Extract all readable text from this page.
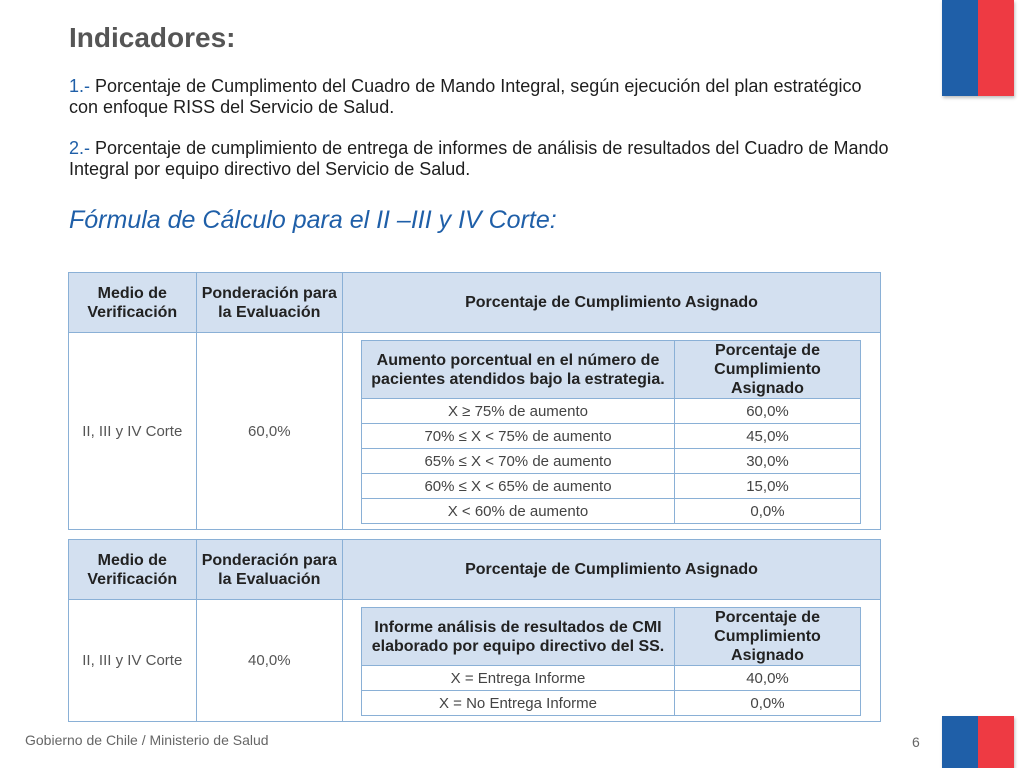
Indicadores:

1.- Porcentaje de Cumplimento del Cuadro de Mando Integral, según ejecución del plan estratégico con enfoque RISS del Servicio de Salud.

2.- Porcentaje de cumplimiento de entrega de informes de análisis de resultados del Cuadro de Mando Integral por equipo directivo del Servicio de Salud.

Fórmula de Cálculo para el II –III y IV Corte:

Medio de Verificación	Ponderación para la Evaluación	Porcentaje de Cumplimiento Asignado
II, III y IV Corte	60,0%	
Aumento porcentual en el número de pacientes atendidos bajo la estrategia.	Porcentaje de Cumplimiento Asignado
X ≥ 75% de aumento	60,0%
70% ≤ X < 75% de aumento	45,0%
65% ≤ X < 70% de aumento	30,0%
60% ≤ X < 65% de aumento	15,0%
X < 60% de aumento	0,0%
Medio de Verificación	Ponderación para la Evaluación	Porcentaje de Cumplimiento Asignado
II, III y IV Corte	40,0%	
Informe análisis de resultados de CMI elaborado por equipo directivo del SS.	Porcentaje de Cumplimiento Asignado
X = Entrega Informe	40,0%
X = No Entrega Informe	0,0%
Gobierno de Chile / Ministerio de Salud	6
